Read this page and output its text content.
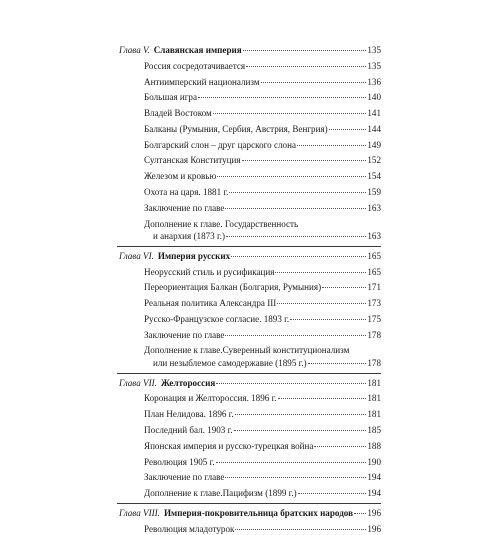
Глава V. Славянская империя	135
Россия сосредотачивается	135
Антиимперский национализм	136
Большая игра	140
Владей Востоком	141
Балканы (Румыния, Сербия, Австрия, Венгрия)	144
Болгарский слон – друг царского слона	149
Султанская Конституция	152
Железом и кровью	154
Охота на царя. 1881 г.	159
Заключение по главе	163
Дополнение к главе. Государственность
и анархия (1873 г.)	163
Глава VI. Империя русских	165
Неорусский стиль и русификация	165
Переориентация Балкан (Болгария, Румыния)	171
Реальная политика Александра III	173
Русско-Французское согласие. 1893 г.	175
Заключение по главе	178
Дополнение к главе.Суверенный конституционализм
или незыблемое самодержавие (1895 г.)	178
Глава VII. Желтороссия	181
Коронация и Желтороссия. 1896 г.	181
План Нелидова. 1896 г.	181
Последний бал. 1903 г.	185
Японская империя и русско-турецкая война	188
Революция 1905 г.	190
Заключение по главе	194
Дополнение к главе.Пацифизм (1899 г.)	194
Глава VIII. Империя-покровительница братских народов 196
Революция младотурок	196
